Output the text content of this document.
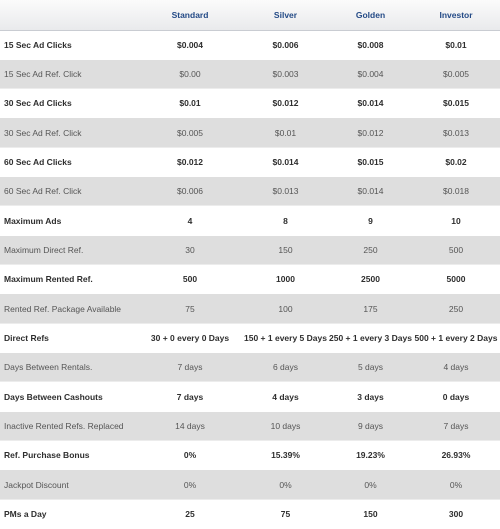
	Standard	Silver	Golden	Investor
15 Sec Ad Clicks	$0.004	$0.006	$0.008	$0.01
15 Sec Ad Ref. Click	$0.00	$0.003	$0.004	$0.005
30 Sec Ad Clicks	$0.01	$0.012	$0.014	$0.015
30 Sec Ad Ref. Click	$0.005	$0.01	$0.012	$0.013
60 Sec Ad Clicks	$0.012	$0.014	$0.015	$0.02
60 Sec Ad Ref. Click	$0.006	$0.013	$0.014	$0.018
Maximum Ads	4	8	9	10
Maximum Direct Ref.	30	150	250	500
Maximum Rented Ref.	500	1000	2500	5000
Rented Ref. Package Available	75	100	175	250
Direct Refs	30 + 0 every 0 Days	150 + 1 every 5 Days	250 + 1 every 3 Days	500 + 1 every 2 Days
Days Between Rentals.	7 days	6 days	5 days	4 days
Days Between Cashouts	7 days	4 days	3 days	0 days
Inactive Rented Refs. Replaced	14 days	10 days	9 days	7 days
Ref. Purchase Bonus	0%	15.39%	19.23%	26.93%
Jackpot Discount	0%	0%	0%	0%
PMs a Day	25	75	150	300
